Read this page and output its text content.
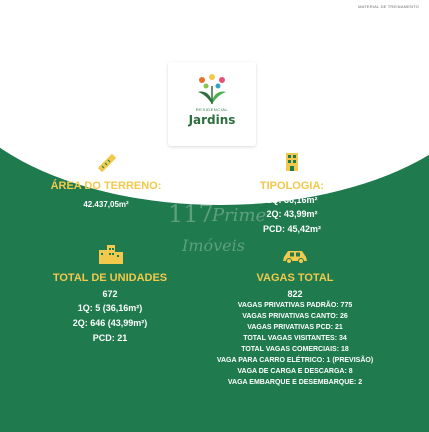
MATERIAL DE TREINAMENTO
RESIDENCIAL
Jardins
117
Prime
Imóveis
ÁREA DO TERRENO:
42.437,05m²
TIPOLOGIA:
1Q: 36,16m²
2Q: 43,99m²
PCD: 45,42m²
TOTAL DE UNIDADES
672
1Q: 5 (36,16m²)
2Q: 646 (43,99m²)
PCD: 21
VAGAS TOTAL
822
VAGAS PRIVATIVAS PADRÃO: 775
VAGAS PRIVATIVAS CANTO: 26
VAGAS PRIVATIVAS PCD: 21
TOTAL VAGAS VISITANTES: 34
TOTAL VAGAS COMERCIAIS: 18
VAGA PARA CARRO ELÉTRICO: 1 (PREVISÃO)
VAGA DE CARGA E DESCARGA: 8
VAGA EMBARQUE E DESEMBARQUE: 2
